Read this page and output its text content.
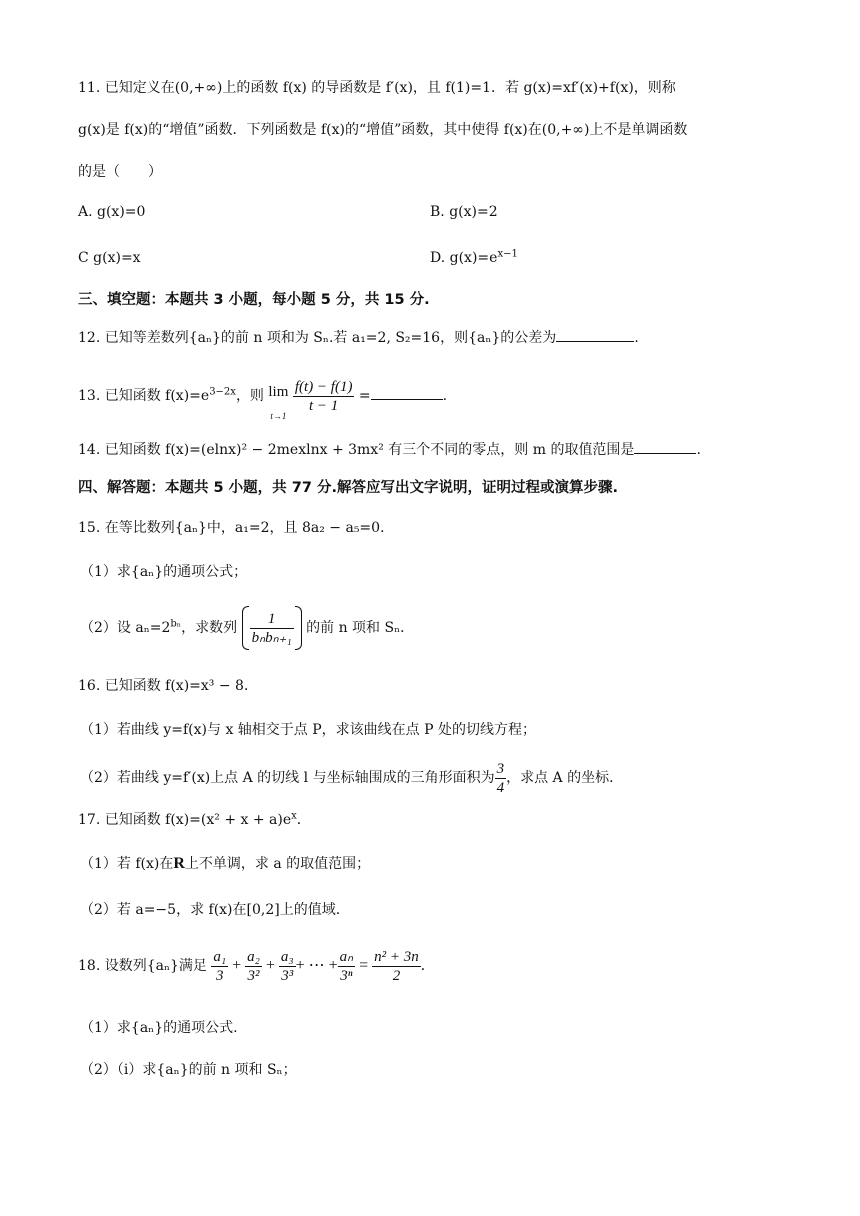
11. 已知定义在(0,+∞)上的函数 f(x) 的导函数是 f′(x)，且 f(1)=1．若 g(x)=xf′(x)+f(x)，则称
g(x)是 f(x)的“增值”函数．下列函数是 f(x)的“增值”函数，其中使得 f(x)在(0,+∞)上不是单调函数
的是（　　）
A. g(x)=0	B. g(x)=2
C g(x)=x	D. $g(x)=e^{x-1}$
三、填空题：本题共 3 小题，每小题 5 分，共 15 分.
12. 已知等差数列{aₙ}的前 n 项和为 Sₙ.若 a₁=2, S₂=16，则{aₙ}的公差为	.
13. 已知函数 $f(x)=e^{3-2x}$，则 lim
t→1

$\frac{f(t) - f(1)}{t - 1}$ =	.
14. 已知函数 f(x)=(elnx)² − 2mexlnx + 3mx² 有三个不同的零点，则 m 的取值范围是	.
四、解答题：本题共 5 小题，共 77 分.解答应写出文字说明，证明过程或演算步骤.
15. 在等比数列{aₙ}中，a₁=2，且 8a₂ − a₅=0．
（1）求{aₙ}的通项公式；
（2）设 $a_n=2^{b_n}$，求数列 $\frac{1}{\text{bₙbₙ₊₁}}$ 的前 n 项和 Sₙ．
16. 已知函数 f(x)=x³ − 8．
（1）若曲线 y=f(x)与 x 轴相交于点 P，求该曲线在点 P 处的切线方程；
（2）若曲线 y=f′(x)上点 A 的切线 l 与坐标轴围成的三角形面积为 $\frac{3}{4}$ ，求点 A 的坐标．
17. 已知函数 $f(x)=(x^2 + x + a)e^x$．
（1）若 f(x)在R上不单调，求 a 的取值范围；
（2）若 a=−5，求 f(x)在[0,2]上的值域．
18. 设数列{aₙ}满足 $\frac{\text{a₁}}{3} + \frac{\text{a₂}}{\text{3²}} + \frac{\text{a₃}}{\text{3³}}$ + ⋯ + $\frac{\text{aₙ}}{\text{3ⁿ}} = \frac{\text{n² + 3n}}{2}$ ．
（1）求{aₙ}的通项公式.
（2）（i）求{aₙ}的前 n 项和 Sₙ；
